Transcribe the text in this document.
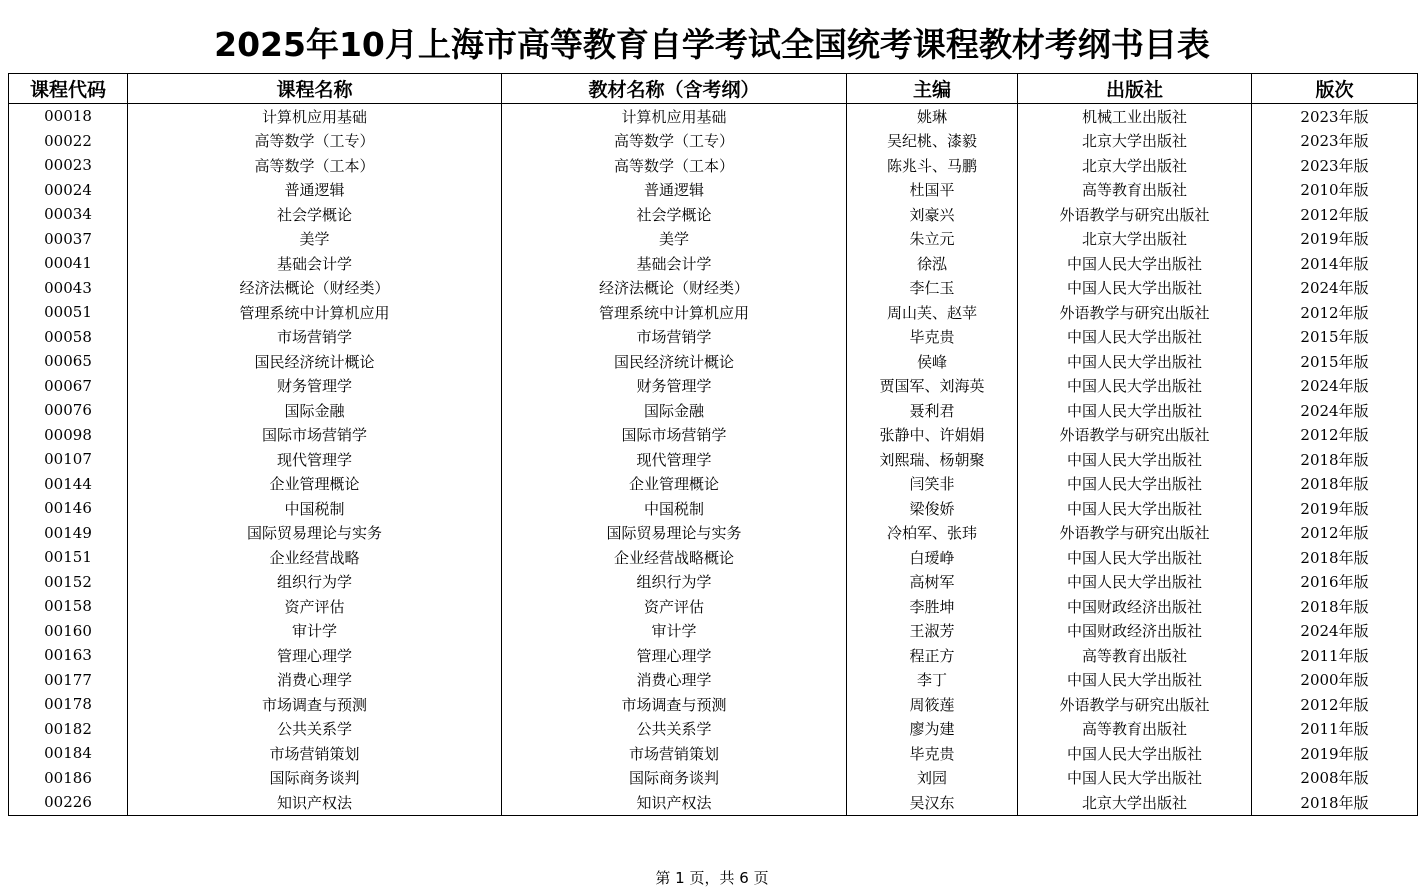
2025年10月上海市高等教育自学考试全国统考课程教材考纲书目表
课程代码	课程名称	教材名称（含考纲）	主编	出版社	版次
00018	计算机应用基础	计算机应用基础	姚琳	机械工业出版社	2023年版
00022	高等数学（工专）	高等数学（工专）	吴纪桃、漆毅	北京大学出版社	2023年版
00023	高等数学（工本）	高等数学（工本）	陈兆斗、马鹏	北京大学出版社	2023年版
00024	普通逻辑	普通逻辑	杜国平	高等教育出版社	2010年版
00034	社会学概论	社会学概论	刘豪兴	外语教学与研究出版社	2012年版
00037	美学	美学	朱立元	北京大学出版社	2019年版
00041	基础会计学	基础会计学	徐泓	中国人民大学出版社	2014年版
00043	经济法概论（财经类）	经济法概论（财经类）	李仁玉	中国人民大学出版社	2024年版
00051	管理系统中计算机应用	管理系统中计算机应用	周山芙、赵苹	外语教学与研究出版社	2012年版
00058	市场营销学	市场营销学	毕克贵	中国人民大学出版社	2015年版
00065	国民经济统计概论	国民经济统计概论	侯峰	中国人民大学出版社	2015年版
00067	财务管理学	财务管理学	贾国军、刘海英	中国人民大学出版社	2024年版
00076	国际金融	国际金融	聂利君	中国人民大学出版社	2024年版
00098	国际市场营销学	国际市场营销学	张静中、许娟娟	外语教学与研究出版社	2012年版
00107	现代管理学	现代管理学	刘熙瑞、杨朝聚	中国人民大学出版社	2018年版
00144	企业管理概论	企业管理概论	闫笑非	中国人民大学出版社	2018年版
00146	中国税制	中国税制	梁俊娇	中国人民大学出版社	2019年版
00149	国际贸易理论与实务	国际贸易理论与实务	冷柏军、张玮	外语教学与研究出版社	2012年版
00151	企业经营战略	企业经营战略概论	白瑷峥	中国人民大学出版社	2018年版
00152	组织行为学	组织行为学	高树军	中国人民大学出版社	2016年版
00158	资产评估	资产评估	李胜坤	中国财政经济出版社	2018年版
00160	审计学	审计学	王淑芳	中国财政经济出版社	2024年版
00163	管理心理学	管理心理学	程正方	高等教育出版社	2011年版
00177	消费心理学	消费心理学	李丁	中国人民大学出版社	2000年版
00178	市场调查与预测	市场调查与预测	周筱莲	外语教学与研究出版社	2012年版
00182	公共关系学	公共关系学	廖为建	高等教育出版社	2011年版
00184	市场营销策划	市场营销策划	毕克贵	中国人民大学出版社	2019年版
00186	国际商务谈判	国际商务谈判	刘园	中国人民大学出版社	2008年版
00226	知识产权法	知识产权法	吴汉东	北京大学出版社	2018年版
第 1 页，共 6 页
